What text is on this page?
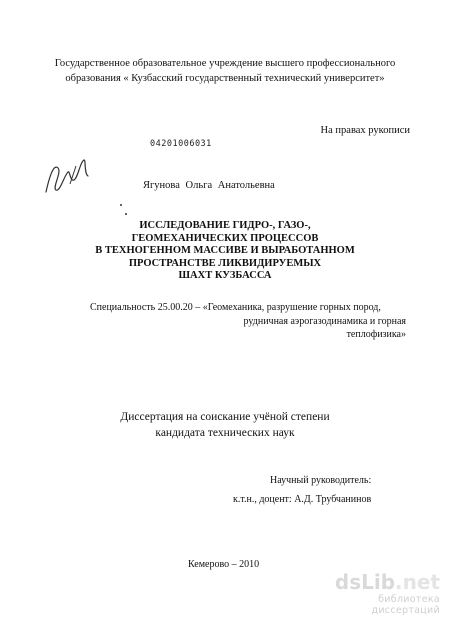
Государственное образовательное учреждение высшего профессионального
образования « Кузбасский государственный технический университет»
На правах рукописи
04201006031
Ягунова Ольга Анатольевна
ИССЛЕДОВАНИЕ ГИДРО-, ГАЗО-,
ГЕОМЕХАНИЧЕСКИХ ПРОЦЕССОВ
В ТЕХНОГЕННОМ МАССИВЕ И ВЫРАБОТАННОМ
ПРОСТРАНСТВЕ ЛИКВИДИРУЕМЫХ
ШАХТ КУЗБАССА
Специальность 25.00.20 – «Геомеханика, разрушение горных пород,
рудничная аэрогазодинамика и горная
теплофизика»
Диссертация на соискание учёной степени
кандидата технических наук
Научный руководитель:
к.т.н., доцент: А.Д. Трубчанинов
Кемерово – 2010
dsLib.net
библиотека диссертаций
